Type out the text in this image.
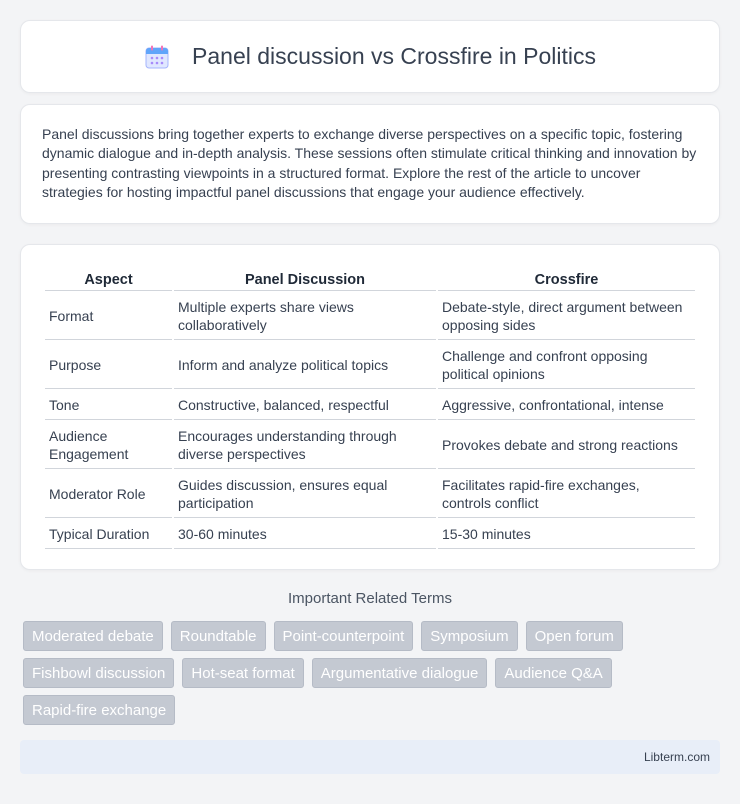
Panel discussion vs Crossfire in Politics

Panel discussions bring together experts to exchange diverse perspectives on a specific topic, fostering dynamic dialogue and in-depth analysis. These sessions often stimulate critical thinking and innovation by presenting contrasting viewpoints in a structured format. Explore the rest of the article to uncover strategies for hosting impactful panel discussions that engage your audience effectively.

Aspect	Panel Discussion	Crossfire
Format	Multiple experts share views collaboratively	Debate-style, direct argument between opposing sides
Purpose	Inform and analyze political topics	Challenge and confront opposing political opinions
Tone	Constructive, balanced, respectful	Aggressive, confrontational, intense
Audience Engagement	Encourages understanding through diverse perspectives	Provokes debate and strong reactions
Moderator Role	Guides discussion, ensures equal participation	Facilitates rapid-fire exchanges, controls conflict
Typical Duration	30-60 minutes	15-30 minutes
Important Related Terms
Moderated debate	Roundtable	Point-counterpoint	Symposium	Open forum
Fishbowl discussion	Hot-seat format	Argumentative dialogue	Audience Q&A
Rapid-fire exchange
Libterm.com
